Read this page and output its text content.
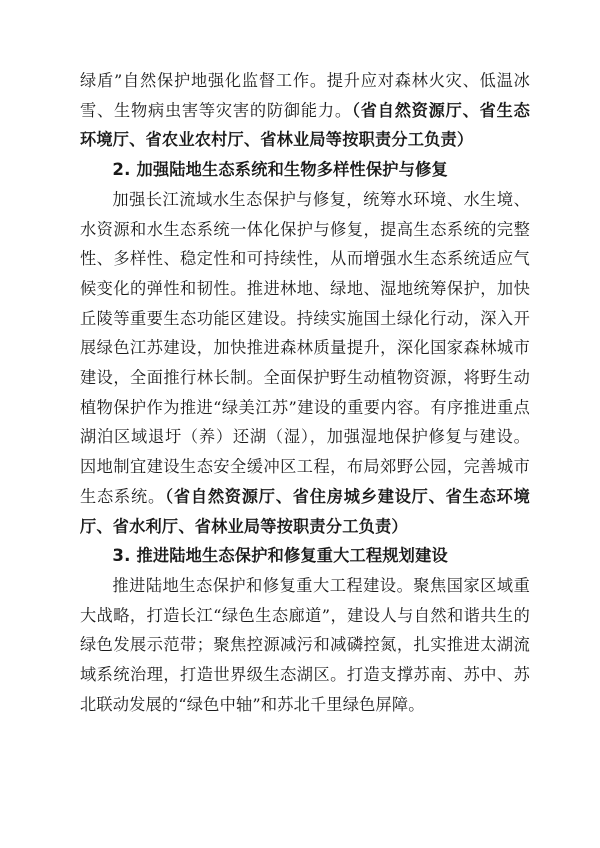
绿盾”自然保护地强化监督工作。提升应对森林火灾、低温冰雪、生物病虫害等灾害的防御能力。（省自然资源厅、省生态环境厅、省农业农村厅、省林业局等按职责分工负责）

2. 加强陆地生态系统和生物多样性保护与修复

加强长江流域水生态保护与修复，统筹水环境、水生境、水资源和水生态系统一体化保护与修复，提高生态系统的完整性、多样性、稳定性和可持续性，从而增强水生态系统适应气候变化的弹性和韧性。推进林地、绿地、湿地统筹保护，加快丘陵等重要生态功能区建设。持续实施国土绿化行动，深入开展绿色江苏建设，加快推进森林质量提升，深化国家森林城市建设，全面推行林长制。全面保护野生动植物资源，将野生动植物保护作为推进“绿美江苏”建设的重要内容。有序推进重点湖泊区域退圩（养）还湖（湿），加强湿地保护修复与建设。因地制宜建设生态安全缓冲区工程，布局郊野公园，完善城市生态系统。（省自然资源厅、省住房城乡建设厅、省生态环境厅、省水利厅、省林业局等按职责分工负责）

3. 推进陆地生态保护和修复重大工程规划建设

推进陆地生态保护和修复重大工程建设。聚焦国家区域重大战略，打造长江“绿色生态廊道”，建设人与自然和谐共生的绿色发展示范带；聚焦控源减污和减磷控氮，扎实推进太湖流域系统治理，打造世界级生态湖区。打造支撑苏南、苏中、苏北联动发展的“绿色中轴”和苏北千里绿色屏障。
